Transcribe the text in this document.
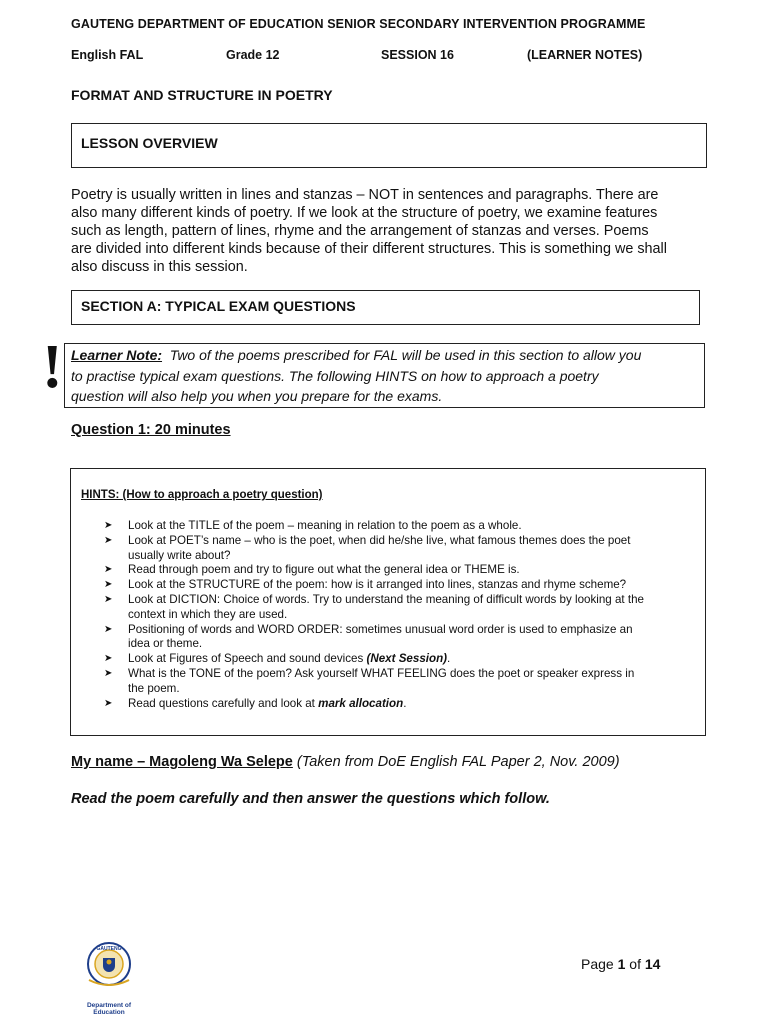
GAUTENG DEPARTMENT OF EDUCATION SENIOR SECONDARY INTERVENTION PROGRAMME
English FAL	Grade 12	SESSION 16	(LEARNER NOTES)
FORMAT AND STRUCTURE IN POETRY
LESSON OVERVIEW
Poetry is usually written in lines and stanzas – NOT in sentences and paragraphs. There are
also many different kinds of poetry. If we look at the structure of poetry, we examine features
such as length, pattern of lines, rhyme and the arrangement of stanzas and verses. Poems
are divided into different kinds because of their different structures. This is something we shall
also discuss in this session.
SECTION A: TYPICAL EXAM QUESTIONS
! Learner Note:  Two of the poems prescribed for FAL will be used in this section to allow you
to practise typical exam questions. The following HINTS on how to approach a poetry
question will also help you when you prepare for the exams.
Question 1: 20 minutes
HINTS: (How to approach a poetry question)
➤ Look at the TITLE of the poem – meaning in relation to the poem as a whole.
➤ Look at POET’s name – who is the poet, when did he/she live, what famous themes does the poet
usually write about?
➤ Read through poem and try to figure out what the general idea or THEME is.
➤ Look at the STRUCTURE of the poem: how is it arranged into lines, stanzas and rhyme scheme?
➤ Look at DICTION: Choice of words. Try to understand the meaning of difficult words by looking at the
context in which they are used.
➤ Positioning of words and WORD ORDER: sometimes unusual word order is used to emphasize an
idea or theme.
➤ Look at Figures of Speech and sound devices (Next Session).
➤ What is the TONE of the poem? Ask yourself WHAT FEELING does the poet or speaker express in
the poem.
➤ Read questions carefully and look at mark allocation.
My name – Magoleng Wa Selepe (Taken from DoE English FAL Paper 2, Nov. 2009)
Read the poem carefully and then answer the questions which follow.
GAUTENG
Department of Education
Page 1 of 14
